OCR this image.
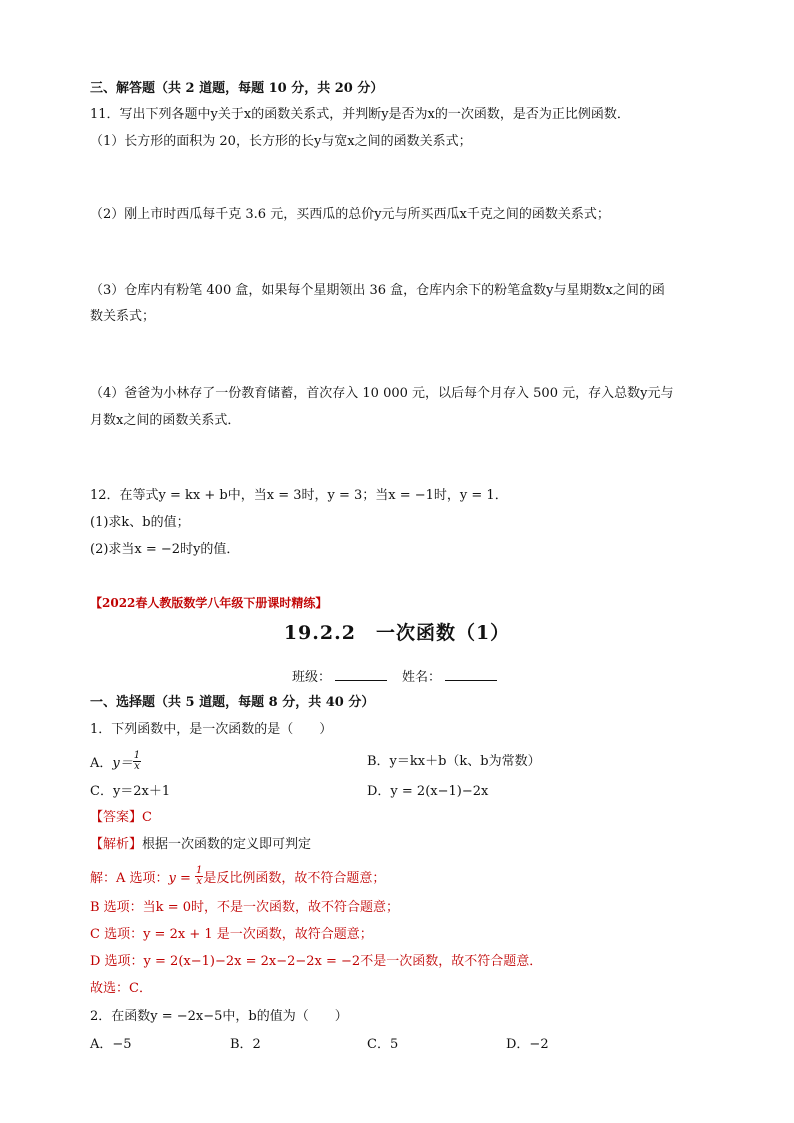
三、解答题（共 2 道题，每题 10 分，共 20 分）
11．写出下列各题中y关于x的函数关系式，并判断y是否为x的一次函数，是否为正比例函数．
（1）长方形的面积为 20，长方形的长y与宽x之间的函数关系式；
（2）刚上市时西瓜每千克 3.6 元，买西瓜的总价y元与所买西瓜x千克之间的函数关系式；
（3）仓库内有粉笔 400 盒，如果每个星期领出 36 盒，仓库内余下的粉笔盒数y与星期数x之间的函
数关系式；
（4）爸爸为小林存了一份教育储蓄，首次存入 10 000 元，以后每个月存入 500 元，存入总数y元与
月数x之间的函数关系式．
12．在等式y = kx + b中，当x = 3时，y = 3；当x = −1时，y = 1．
(1)求k、b的值；
(2)求当x = −2时y的值．
【2022春人教版数学八年级下册课时精练】
19.2.2　一次函数（1）
班级：	姓名：
一、选择题（共 5 道题，每题 8 分，共 40 分）
1．下列函数中，是一次函数的是（　　）
A．$y= \frac{1}{x}$	B．y＝kx＋b（k、b为常数）
C．y＝2x＋1	D．y = 2(x−1)−2x
【答案】C
【解析】根据一次函数的定义即可判定
解：A 选项：$y = \frac{1}{x}$ 是反比例函数，故不符合题意；
B 选项：当k = 0时，不是一次函数，故不符合题意；
C 选项：y = 2x + 1 是一次函数，故符合题意；
D 选项：y = 2(x−1)−2x = 2x−2−2x = −2不是一次函数，故不符合题意．
故选：C．
2．在函数y = −2x−5中，b的值为（　　）
A．−5	B．2	C．5	D．−2
